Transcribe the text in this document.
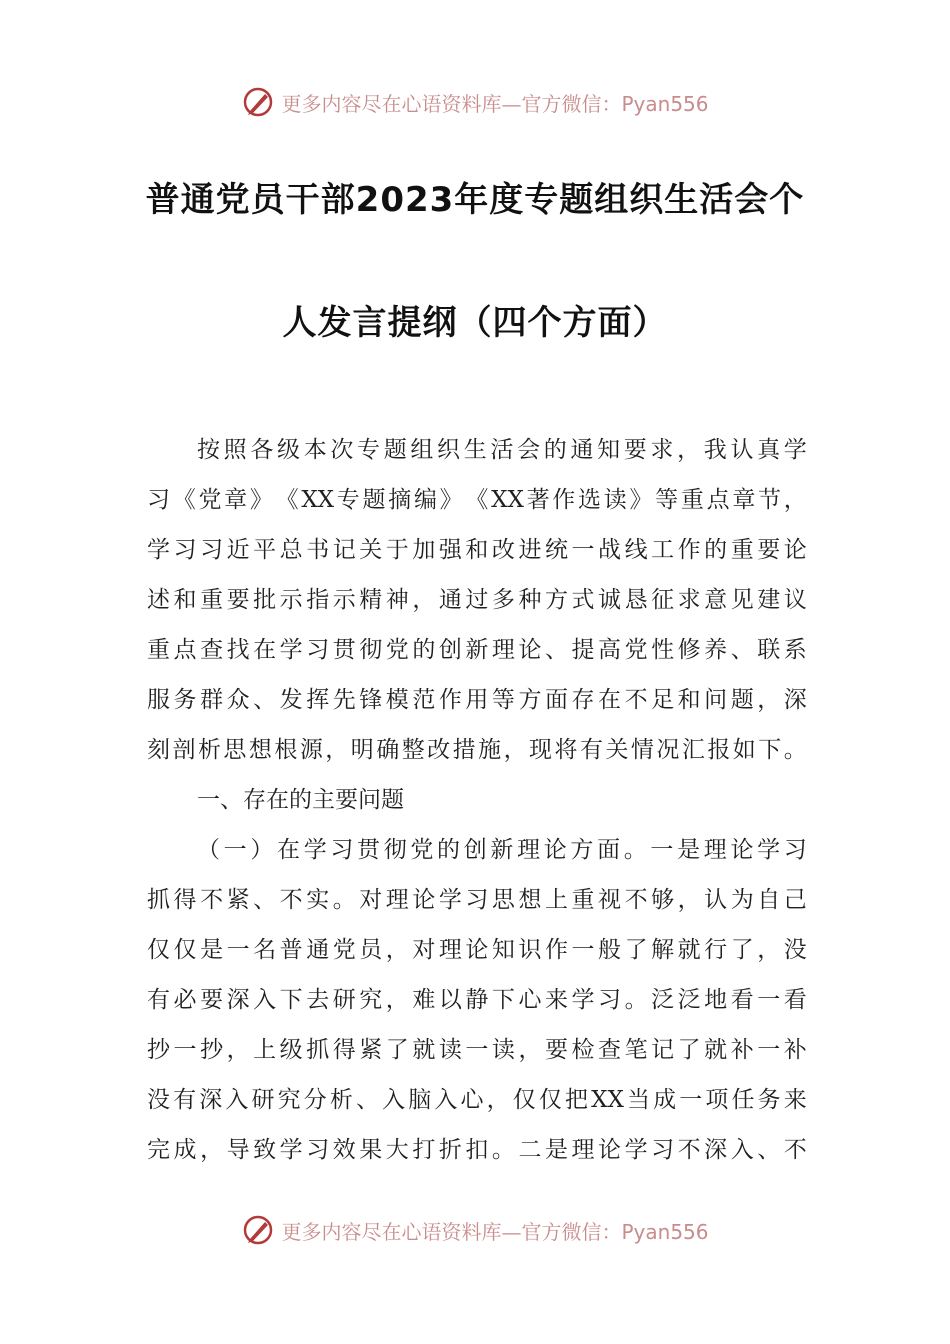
更多内容尽在心语资料库—官方微信：Pyan556
普通党员干部2023年度专题组织生活会个
人发言提纲（四个方面）
按 照 各 级 本 次 专 题 组 织 生 活 会 的 通 知 要 求 ， 我 认 真 学
习 《 党 章 》 《 XX 专 题 摘 编 》 《 XX 著 作 选 读 》 等 重 点 章 节 ，
学 习 习 近 平 总 书 记 关 于 加 强 和 改 进 统 一 战 线 工 作 的 重 要 论
述 和 重 要 批 示 指 示 精 神 ， 通 过 多 种 方 式 诚 恳 征 求 意 见 建 议
重 点 查 找 在 学 习 贯 彻 党 的 创 新 理 论 、 提 高 党 性 修 养 、 联 系
服 务 群 众 、 发 挥 先 锋 模 范 作 用 等 方 面 存 在 不 足 和 问 题 ， 深
刻 剖 析 思 想 根 源 ， 明 确 整 改 措 施 ， 现 将 有 关 情 况 汇 报 如 下 。
一、存在的主要问题
（ 一 ） 在 学 习 贯 彻 党 的 创 新 理 论 方 面 。 一 是 理 论 学 习
抓 得 不 紧 、 不 实 。 对 理 论 学 习 思 想 上 重 视 不 够 ， 认 为 自 己
仅 仅 是 一 名 普 通 党 员 ， 对 理 论 知 识 作 一 般 了 解 就 行 了 ， 没
有 必 要 深 入 下 去 研 究 ， 难 以 静 下 心 来 学 习 。 泛 泛 地 看 一 看
抄 一 抄 ， 上 级 抓 得 紧 了 就 读 一 读 ， 要 检 查 笔 记 了 就 补 一 补
没 有 深 入 研 究 分 析 、 入 脑 入 心 ， 仅 仅 把 XX 当 成 一 项 任 务 来
完 成 ， 导 致 学 习 效 果 大 打 折 扣 。 二 是 理 论 学 习 不 深 入 、 不
更多内容尽在心语资料库—官方微信：Pyan556
